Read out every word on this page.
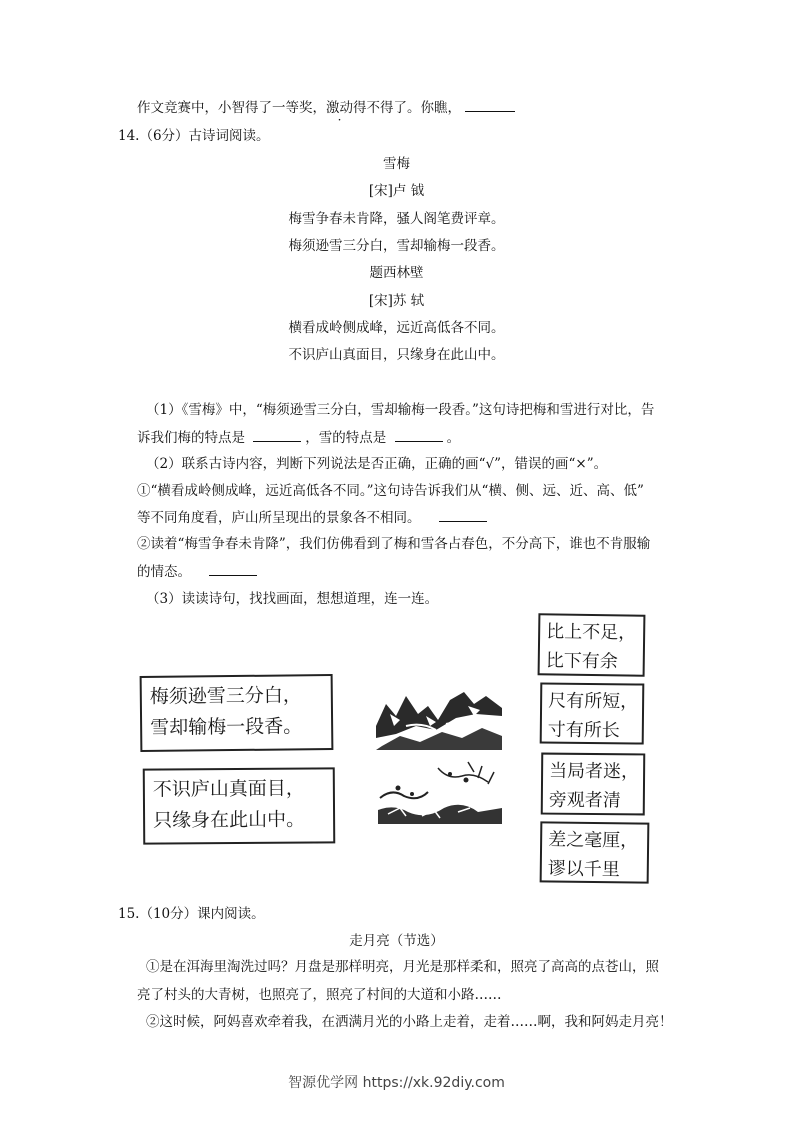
作文竞赛中，小智得了一等奖，激动得不得了。你瞧，
14.（6分）古诗词阅读。
雪梅
[宋]卢 钺
梅雪争春未肯降，骚人阁笔费评章。
梅须逊雪三分白，雪却输梅一段香。
题西林壁
[宋]苏 轼
横看成岭侧成峰，远近高低各不同。
不识庐山真面目，只缘身在此山中。
（1）《雪梅》中，“梅须逊雪三分白，雪却输梅一段香。”这句诗把梅和雪进行对比，告
诉我们梅的特点是	，雪的特点是	。
（2）联系古诗内容，判断下列说法是否正确，正确的画“√”，错误的画“×”。
①“横看成岭侧成峰，远近高低各不同。”这句诗告诉我们从“横、侧、远、近、高、低”
等不同角度看，庐山所呈现出的景象各不相同。
②读着“梅雪争春未肯降”，我们仿佛看到了梅和雪各占春色，不分高下，谁也不肯服输
的情态。
（3）读读诗句，找找画面，想想道理，连一连。
梅须逊雪三分白，
雪却输梅一段香。
不识庐山真面目，
只缘身在此山中。
比上不足，
比下有余
尺有所短，
寸有所长
当局者迷，
旁观者清
差之毫厘，
谬以千里
15.（10分）课内阅读。
走月亮（节选）
①是在洱海里淘洗过吗？月盘是那样明亮，月光是那样柔和，照亮了高高的点苍山，照
亮了村头的大青树，也照亮了，照亮了村间的大道和小路……
②这时候，阿妈喜欢牵着我，在洒满月光的小路上走着，走着……啊，我和阿妈走月亮！
智源优学网 https://xk.92diy.com
